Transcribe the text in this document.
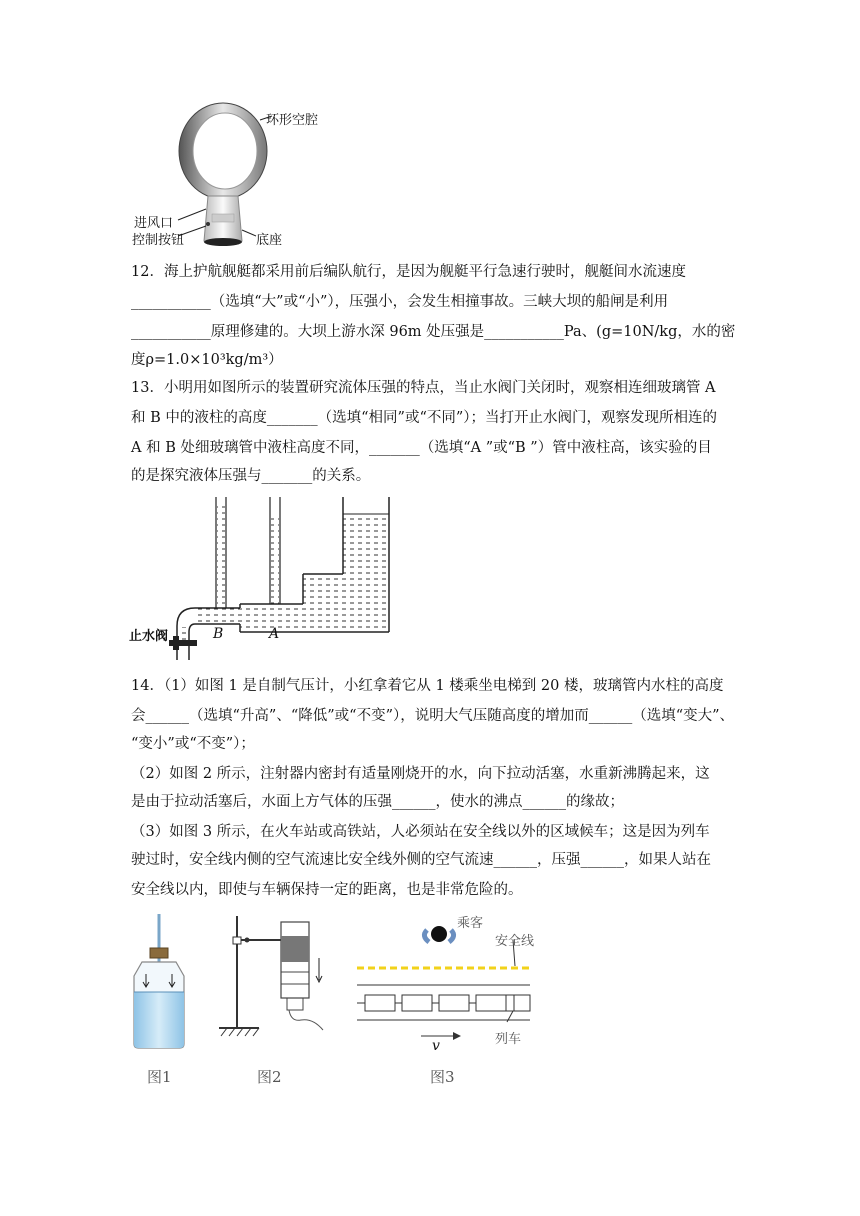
环形空腔
进风口
控制按钮	底座
12．海上护航舰艇都采用前后编队航行，是因为舰艇平行急速行驶时，舰艇间水流速度
___________（选填“大”或“小”），压强小，会发生相撞事故。三峡大坝的船闸是利用
___________原理修建的。大坝上游水深 96m 处压强是___________Pa、(g=10N/kg，水的密
度ρ=1.0×10³kg/m³）
13．小明用如图所示的装置研究流体压强的特点，当止水阀门关闭时，观察相连细玻璃管 A
和 B 中的液柱的高度_______（选填“相同”或“不同”）；当打开止水阀门，观察发现所相连的
A 和 B 处细玻璃管中液柱高度不同，_______（选填“A ”或“B ”）管中液柱高，该实验的目
的是探究液体压强与_______的关系。
止水阀	B	A
14．（1）如图 1 是自制气压计，小红拿着它从 1 楼乘坐电梯到 20 楼，玻璃管内水柱的高度
会______（选填“升高”、“降低”或“不变”），说明大气压随高度的增加而______（选填“变大”、
“变小”或“不变”）；
（2）如图 2 所示，注射器内密封有适量刚烧开的水，向下拉动活塞，水重新沸腾起来，这
是由于拉动活塞后，水面上方气体的压强______，使水的沸点______的缘故；
（3）如图 3 所示，在火车站或高铁站，人必须站在安全线以外的区域候车；这是因为列车
驶过时，安全线内侧的空气流速比安全线外侧的空气流速______，压强______，如果人站在
安全线以内，即使与车辆保持一定的距离，也是非常危险的。
图1	图2
乘客
安全线
列车
v
图3
